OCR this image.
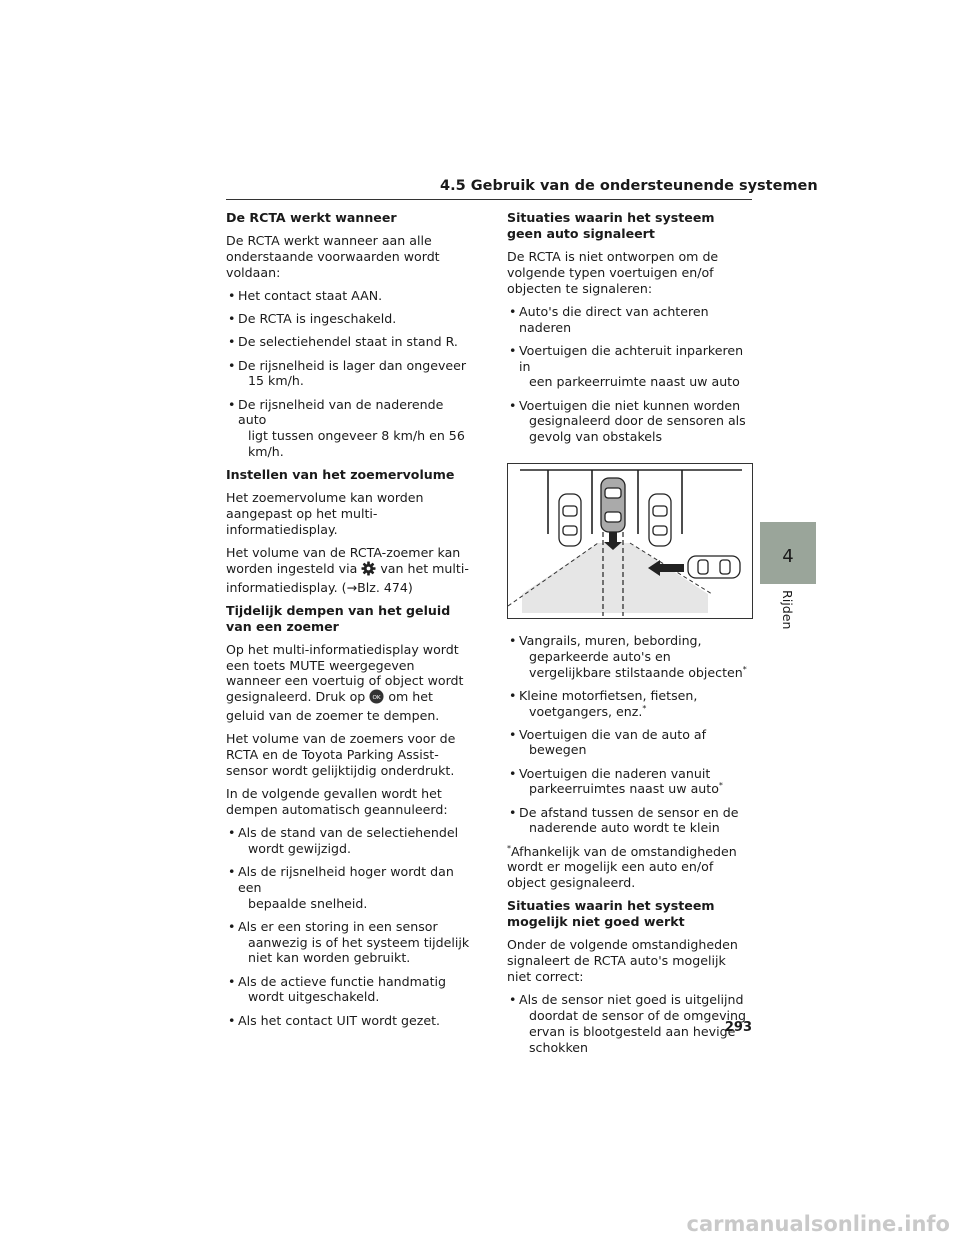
4.5 Gebruik van de ondersteunende systemen
De RCTA werkt wanneer

De RCTA werkt wanneer aan alle onderstaande voorwaarden wordt voldaan:

• Het contact staat AAN.
• De RCTA is ingeschakeld.
• De selectiehendel staat in stand R.
• De rijsnelheid is lager dan ongeveer
15 km/h.
• De rijsnelheid van de naderende auto
ligt tussen ongeveer 8 km/h en 56 km/h.
Instellen van het zoemervolume

Het zoemervolume kan worden aangepast op het multi-informatiedisplay.

Het volume van de RCTA-zoemer kan worden ingesteld via  van het multi-informatiedisplay. (→Blz. 474)

Tijdelijk dempen van het geluid van een zoemer

Op het multi-informatiedisplay wordt een toets MUTE weergegeven wanneer een voertuig of object wordt gesignaleerd. Druk op OK om het geluid van de zoemer te dempen.

Het volume van de zoemers voor de RCTA en de Toyota Parking Assist-sensor wordt gelijktijdig onderdrukt.

In de volgende gevallen wordt het dempen automatisch geannuleerd:

• Als de stand van de selectiehendel
wordt gewijzigd.
• Als de rijsnelheid hoger wordt dan een
bepaalde snelheid.
• Als er een storing in een sensor
aanwezig is of het systeem tijdelijk niet kan worden gebruikt.
• Als de actieve functie handmatig
wordt uitgeschakeld.
• Als het contact UIT wordt gezet.
Situaties waarin het systeem geen auto signaleert

De RCTA is niet ontworpen om de volgende typen voertuigen en/of objecten te signaleren:

• Auto's die direct van achteren naderen
• Voertuigen die achteruit inparkeren in
een parkeerruimte naast uw auto
• Voertuigen die niet kunnen worden
gesignaleerd door de sensoren als gevolg van obstakels
• Vangrails, muren, bebording,
geparkeerde auto's en vergelijkbare stilstaande objecten*
• Kleine motorfietsen, fietsen,
voetgangers, enz.*
• Voertuigen die van de auto af
bewegen
• Voertuigen die naderen vanuit
parkeerruimtes naast uw auto*
• De afstand tussen de sensor en de
naderende auto wordt te klein

*Afhankelijk van de omstandigheden wordt er mogelijk een auto en/of object gesignaleerd.

Situaties waarin het systeem mogelijk niet goed werkt

Onder de volgende omstandigheden signaleert de RCTA auto's mogelijk niet correct:

• Als de sensor niet goed is uitgelijnd
doordat de sensor of de omgeving ervan is blootgesteld aan hevige schokken
4
Rijden
293
carmanualsonline.info
